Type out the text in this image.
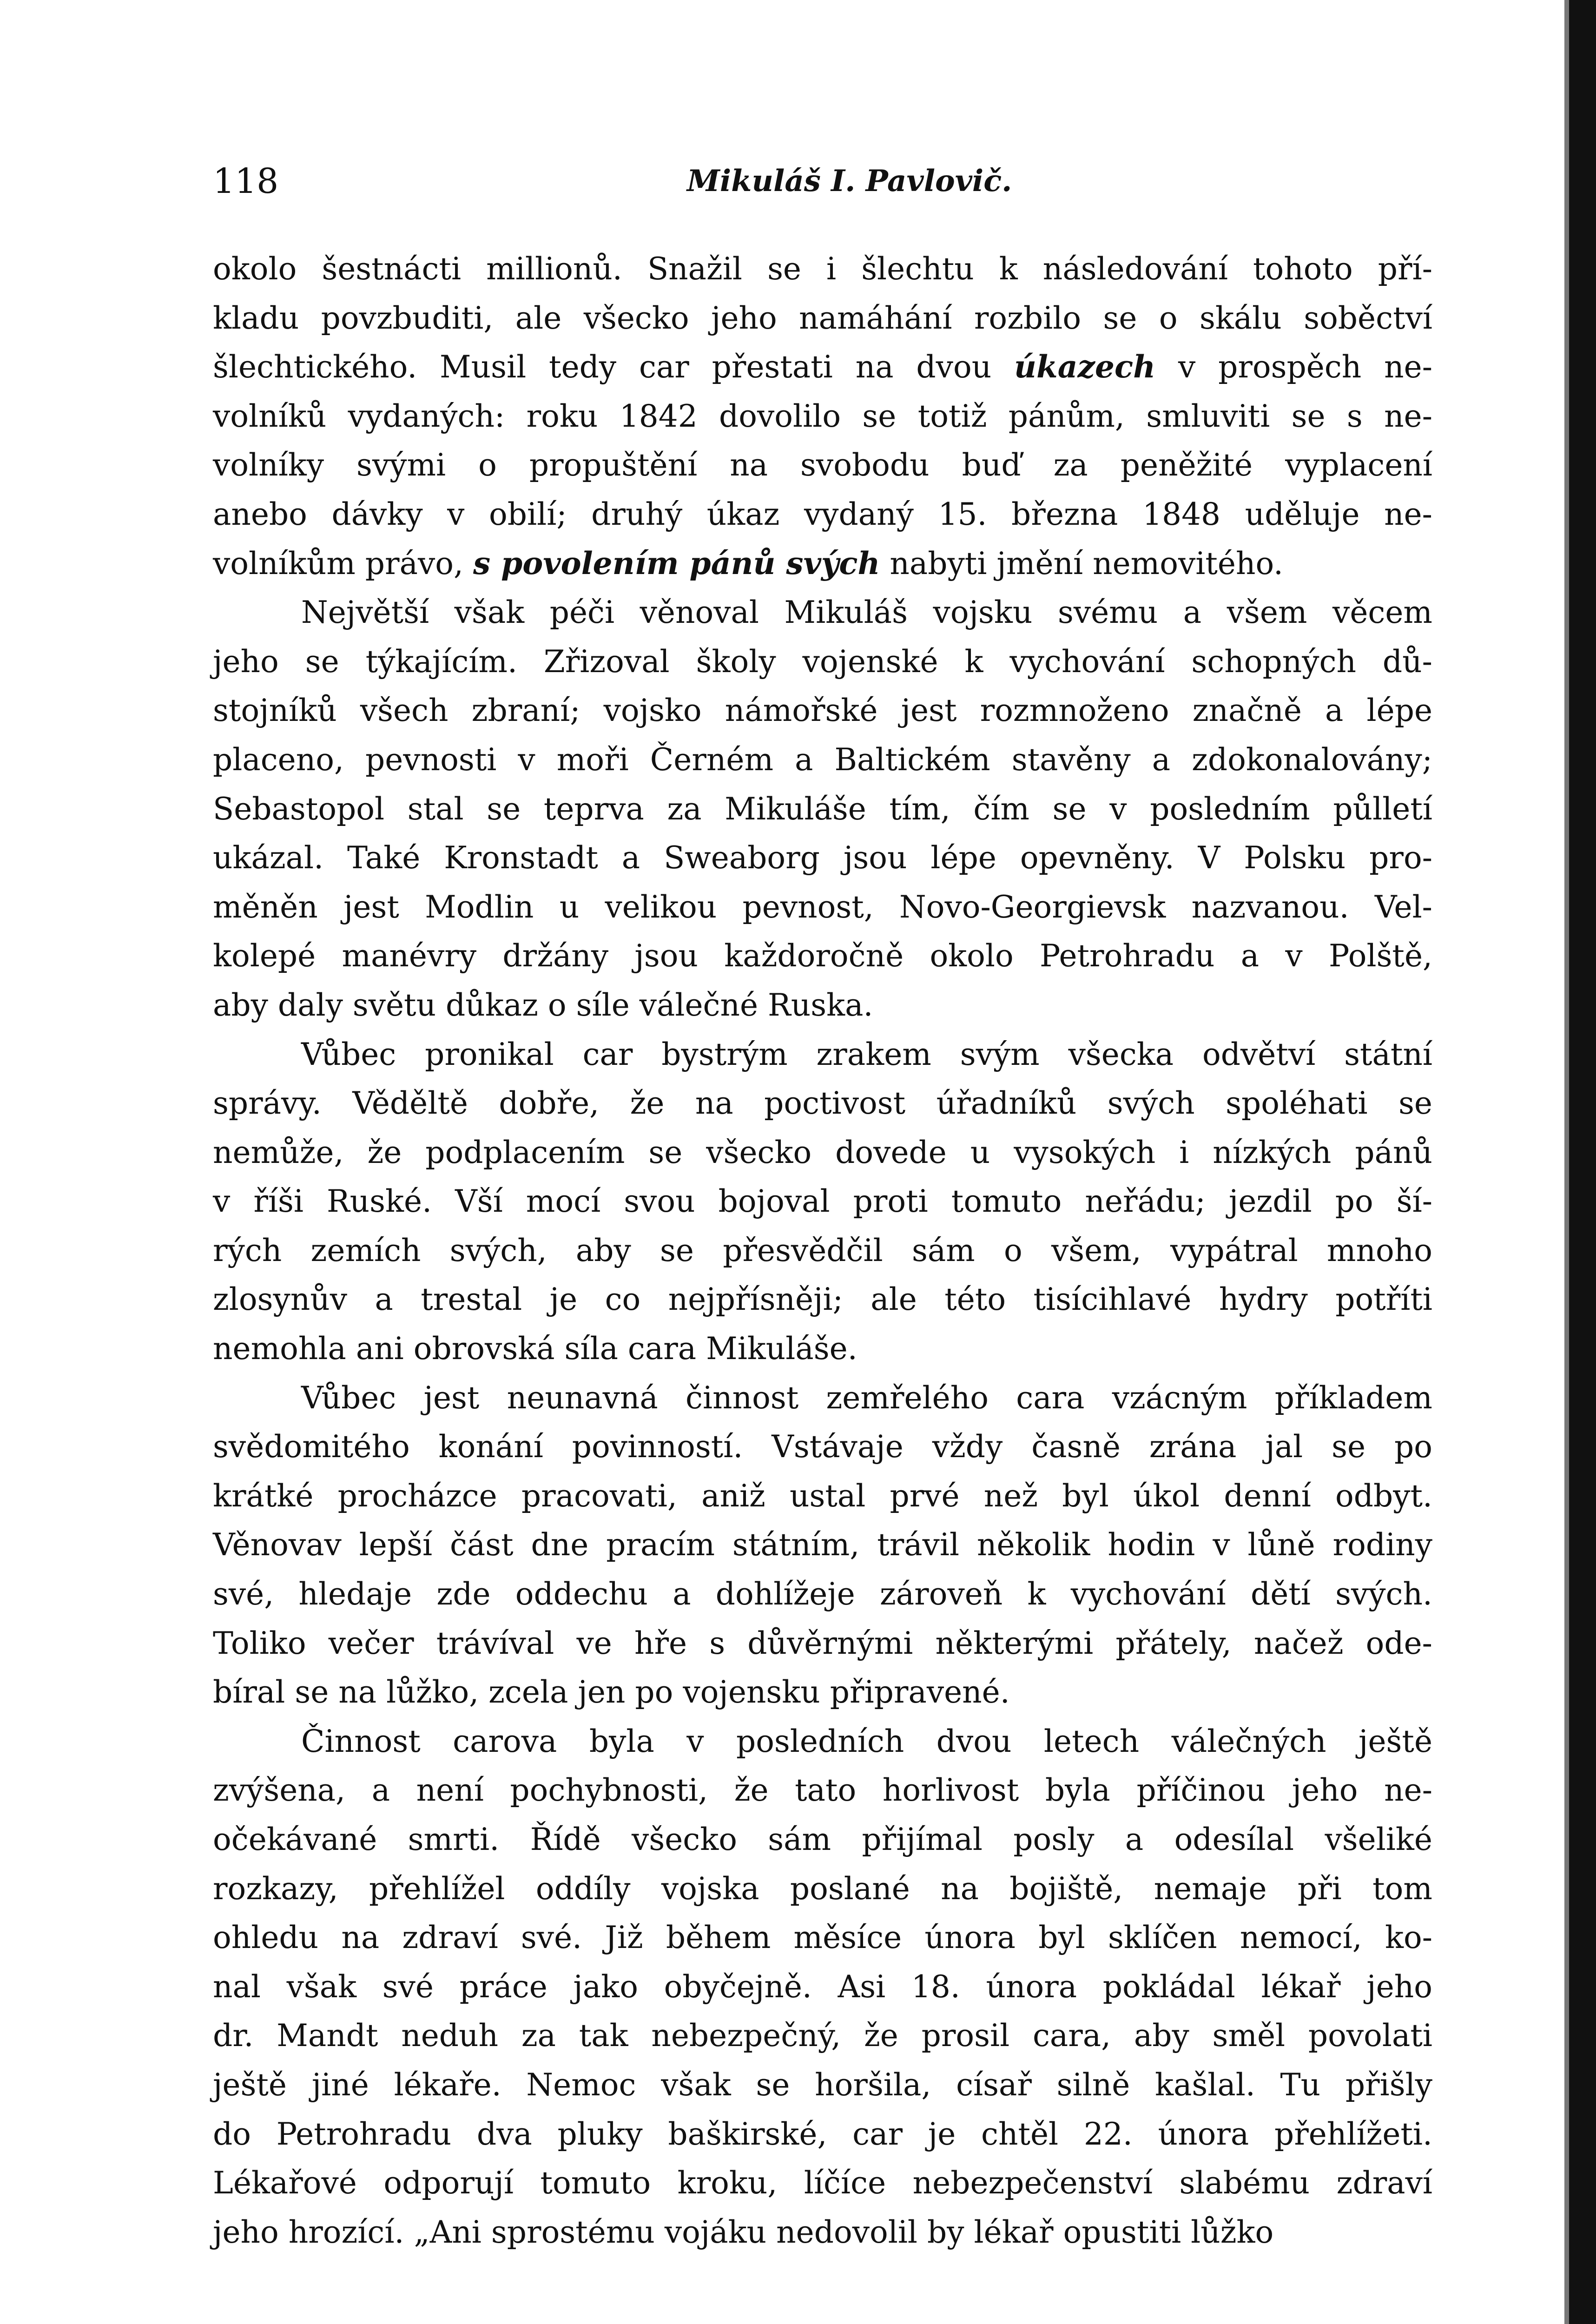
118	Mikuláš I. Pavlovič.
okolo šestnácti millionů. Snažil se i šlechtu k následování tohoto pří-
kladu povzbuditi, ale všecko jeho namáhání rozbilo se o skálu soběctví
šlechtického. Musil tedy car přestati na dvou úkazech v prospěch ne-
volníků vydaných: roku 1842 dovolilo se totiž pánům, smluviti se s ne-
volníky svými o propuštění na svobodu buď za peněžité vyplacení
anebo dávky v obilí; druhý úkaz vydaný 15. března 1848 uděluje ne-
volníkům právo, s povolením pánů svých nabyti jmění nemovitého.
Největší však péči věnoval Mikuláš vojsku svému a všem věcem
jeho se týkajícím. Zřizoval školy vojenské k vychování schopných dů-
stojníků všech zbraní; vojsko námořské jest rozmnoženo značně a lépe
placeno, pevnosti v moři Černém a Baltickém stavěny a zdokonalovány;
Sebastopol stal se teprva za Mikuláše tím, čím se v posledním půlletí
ukázal. Také Kronstadt a Sweaborg jsou lépe opevněny. V Polsku pro-
měněn jest Modlin u velikou pevnost, Novo-Georgievsk nazvanou. Vel-
kolepé manévry držány jsou každoročně okolo Petrohradu a v Polště,
aby daly světu důkaz o síle válečné Ruska.
Vůbec pronikal car bystrým zrakem svým všecka odvětví státní
správy. Věděltě dobře, že na poctivost úřadníků svých spoléhati se
nemůže, že podplacením se všecko dovede u vysokých i nízkých pánů
v říši Ruské. Vší mocí svou bojoval proti tomuto neřádu; jezdil po ší-
rých zemích svých, aby se přesvědčil sám o všem, vypátral mnoho
zlosynův a trestal je co nejpřísněji; ale této tisícihlavé hydry potříti
nemohla ani obrovská síla cara Mikuláše.
Vůbec jest neunavná činnost zemřelého cara vzácným příkladem
svědomitého konání povinností. Vstávaje vždy časně zrána jal se po
krátké procházce pracovati, aniž ustal prvé než byl úkol denní odbyt.
Věnovav lepší část dne pracím státním, trávil několik hodin v lůně rodiny
své, hledaje zde oddechu a dohlížeje zároveň k vychování dětí svých.
Toliko večer trávíval ve hře s důvěrnými některými přátely, načež ode-
bíral se na lůžko, zcela jen po vojensku připravené.
Činnost carova byla v posledních dvou letech válečných ještě
zvýšena, a není pochybnosti, že tato horlivost byla příčinou jeho ne-
očekávané smrti. Řídě všecko sám přijímal posly a odesílal všeliké
rozkazy, přehlížel oddíly vojska poslané na bojiště, nemaje při tom
ohledu na zdraví své. Již během měsíce února byl sklíčen nemocí, ko-
nal však své práce jako obyčejně. Asi 18. února pokládal lékař jeho
dr. Mandt neduh za tak nebezpečný, že prosil cara, aby směl povolati
ještě jiné lékaře. Nemoc však se horšila, císař silně kašlal. Tu přišly
do Petrohradu dva pluky baškirské, car je chtěl 22. února přehlížeti.
Lékařové odporují tomuto kroku, líčíce nebezpečenství slabému zdraví
jeho hrozící. „Ani sprostému vojáku nedovolil by lékař opustiti lůžko
